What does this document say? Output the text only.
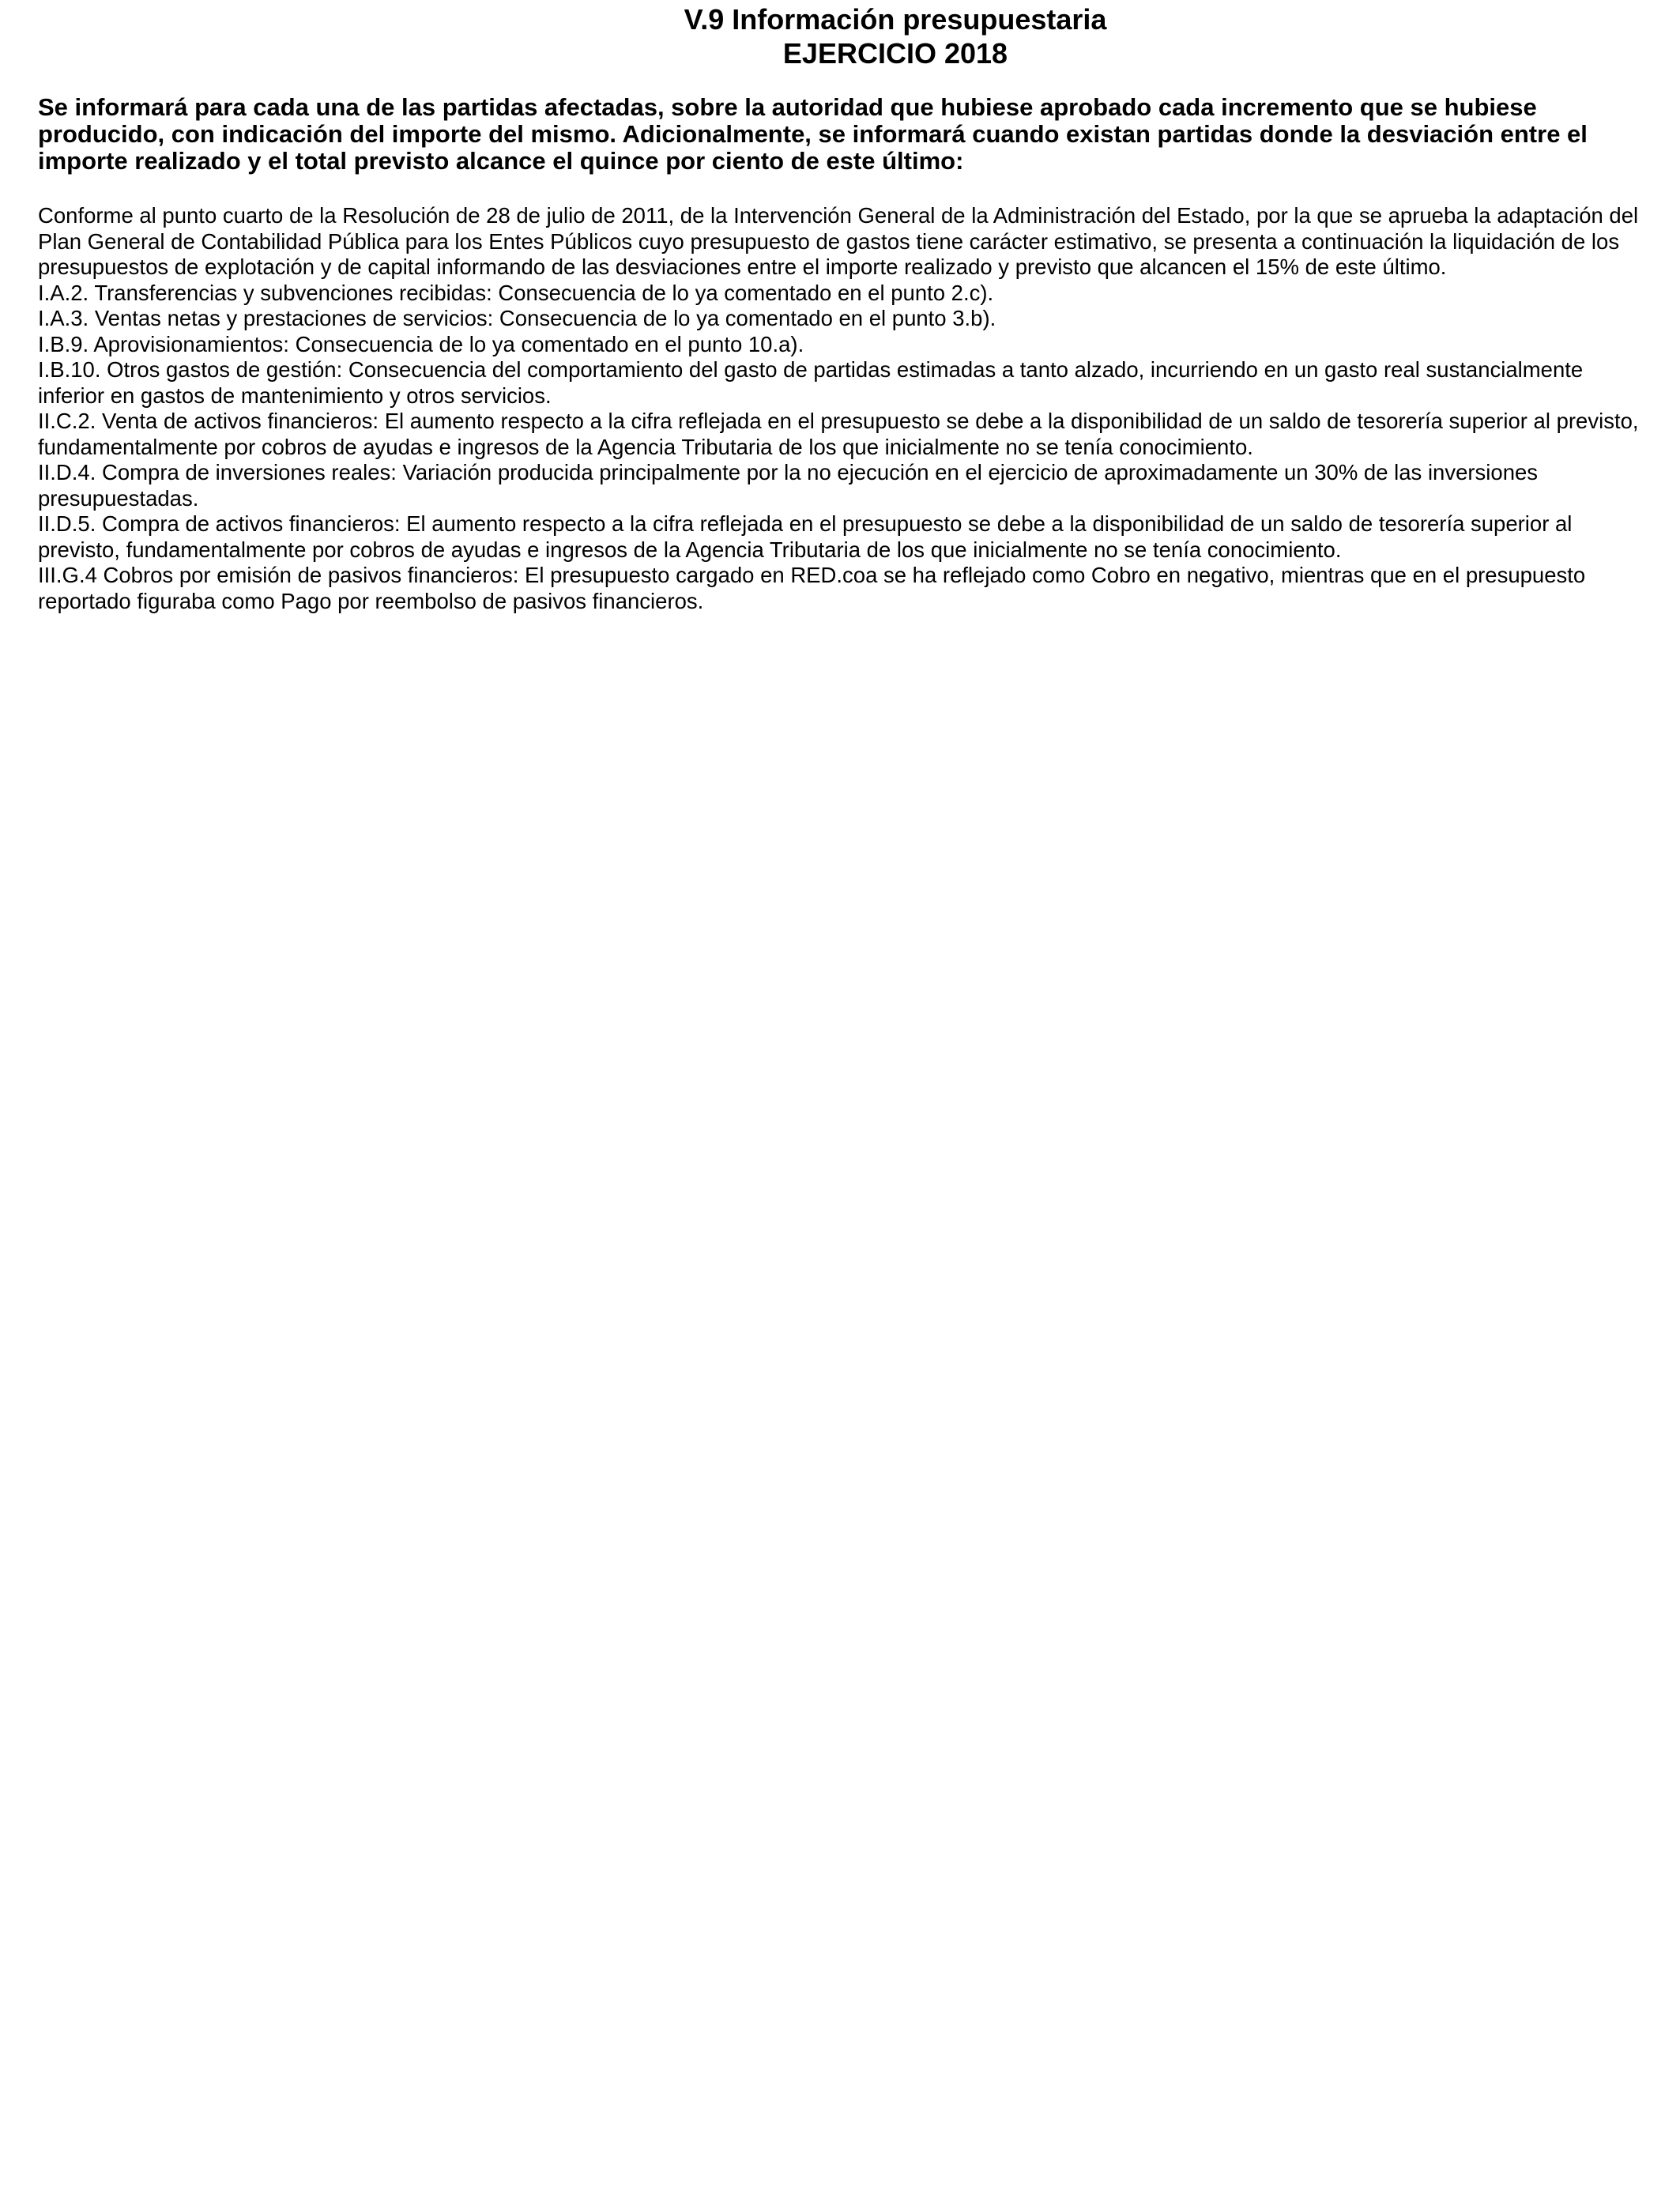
V.9 Información presupuestaria
EJERCICIO 2018
Se informará para cada una de las partidas afectadas, sobre la autoridad que hubiese aprobado cada incremento que se hubiese producido, con indicación del importe del mismo. Adicionalmente, se informará cuando existan partidas donde la desviación entre el importe realizado y el total previsto alcance el quince por ciento de este último:
Conforme al punto cuarto de la Resolución de 28 de julio de 2011, de la Intervención General de la Administración del Estado, por la que se aprueba la adaptación del Plan General de Contabilidad Pública para los Entes Públicos cuyo presupuesto de gastos tiene carácter estimativo, se presenta a continuación la liquidación de los presupuestos de explotación y de capital informando de las desviaciones entre el importe realizado y previsto que alcancen el 15% de este último.
I.A.2. Transferencias y subvenciones recibidas: Consecuencia de lo ya comentado en el punto 2.c).
I.A.3. Ventas netas y prestaciones de servicios: Consecuencia de lo ya comentado en el punto 3.b).
I.B.9. Aprovisionamientos: Consecuencia de lo ya comentado en el punto 10.a).
I.B.10. Otros gastos de gestión: Consecuencia del comportamiento del gasto de partidas estimadas a tanto alzado, incurriendo en un gasto real sustancialmente inferior en gastos de mantenimiento y otros servicios.
II.C.2. Venta de activos financieros: El aumento respecto a la cifra reflejada en el presupuesto se debe a la disponibilidad de un saldo de tesorería superior al previsto, fundamentalmente por cobros de ayudas e ingresos de la Agencia Tributaria de los que inicialmente no se tenía conocimiento.
II.D.4. Compra de inversiones reales: Variación producida principalmente por la no ejecución en el ejercicio de aproximadamente un 30% de las inversiones presupuestadas.
II.D.5. Compra de activos financieros: El aumento respecto a la cifra reflejada en el presupuesto se debe a la disponibilidad de un saldo de tesorería superior al previsto, fundamentalmente por cobros de ayudas e ingresos de la Agencia Tributaria de los que inicialmente no se tenía conocimiento.
III.G.4 Cobros por emisión de pasivos financieros: El presupuesto cargado en RED.coa se ha reflejado como Cobro en negativo, mientras que en el presupuesto reportado figuraba como Pago por reembolso de pasivos financieros.
